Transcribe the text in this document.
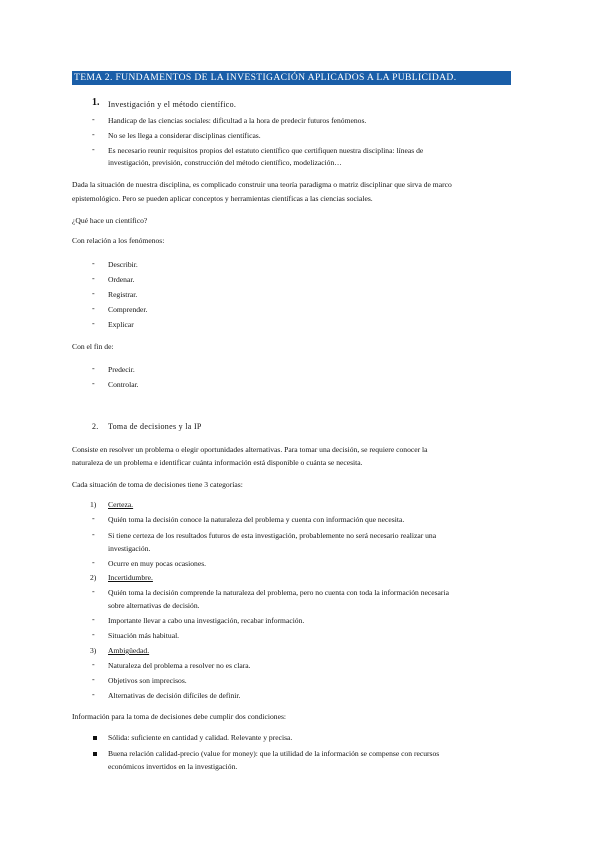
TEMA 2. FUNDAMENTOS DE LA INVESTIGACIÓN APLICADOS A LA PUBLICIDAD.
1. Investigación y el método científico.
- Handicap de las ciencias sociales: dificultad a la hora de predecir futuros fenómenos.
- No se les llega a considerar disciplinas científicas.
- Es necesario reunir requisitos propios del estatuto científico que certifiquen nuestra disciplina: líneas de
investigación, previsión, construcción del método científico, modelización…
Dada la situación de nuestra disciplina, es complicado construir una teoría paradigma o matriz disciplinar que sirva de marco
epistemológico. Pero se pueden aplicar conceptos y herramientas científicas a las ciencias sociales.
¿Qué hace un científico?
Con relación a los fenómenos:
- Describir.
- Ordenar.
- Registrar.
- Comprender.
- Explicar
Con el fin de:
- Predecir.
- Controlar.
2. Toma de decisiones y la IP
Consiste en resolver un problema o elegir oportunidades alternativas. Para tomar una decisión, se requiere conocer la
naturaleza de un problema e identificar cuánta información está disponible o cuánta se necesita.
Cada situación de toma de decisiones tiene 3 categorías:
1) Certeza.
- Quién toma la decisión conoce la naturaleza del problema y cuenta con información que necesita.
- Si tiene certeza de los resultados futuros de esta investigación, probablemente no será necesario realizar una
investigación.
- Ocurre en muy pocas ocasiones.
2) Incertidumbre.
- Quién toma la decisión comprende la naturaleza del problema, pero no cuenta con toda la información necesaria
sobre alternativas de decisión.
- Importante llevar a cabo una investigación, recabar información.
- Situación más habitual.
3) Ambigüedad.
- Naturaleza del problema a resolver no es clara.
- Objetivos son imprecisos.
- Alternativas de decisión difíciles de definir.
Información para la toma de decisiones debe cumplir dos condiciones:
Sólida: suficiente en cantidad y calidad. Relevante y precisa.
Buena relación calidad-precio (value for money): que la utilidad de la información se compense con recursos
económicos invertidos en la investigación.
